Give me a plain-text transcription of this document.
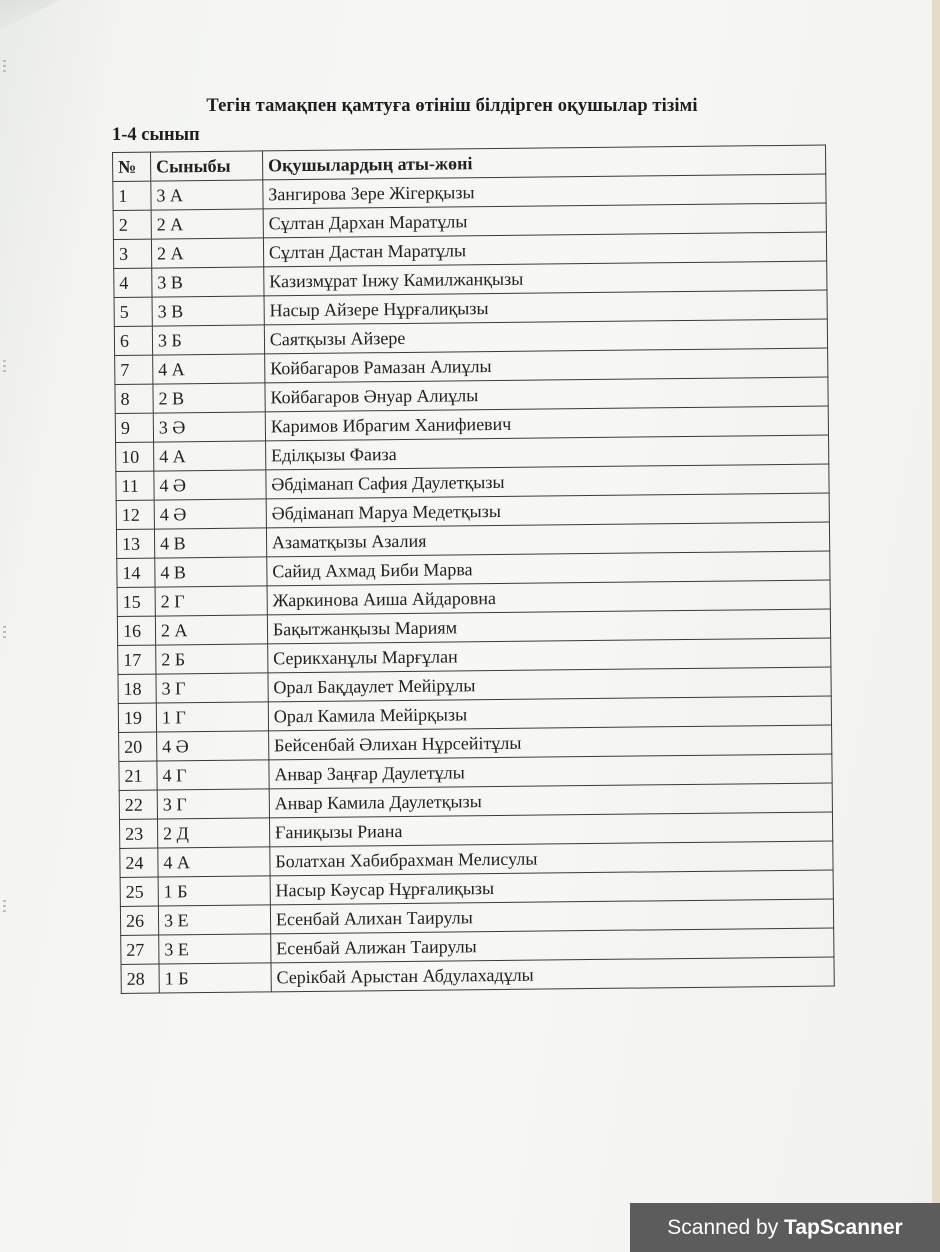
Тегін тамақпен қамтуға өтініш білдірген оқушылар тізімі
1-4 сынып
№	Сыныбы	Оқушылардың аты-жөні
1	3 А	Зангирова Зере Жігерқызы
2	2 А	Сұлтан Дархан Маратұлы
3	2 А	Сұлтан Дастан Маратұлы
4	3 В	Казизмұрат Інжу Камилжанқызы
5	3 В	Насыр Айзере Нұрғалиқызы
6	3 Б	Саятқызы Айзере
7	4 А	Койбагаров Рамазан Алиұлы
8	2 В	Койбагаров Әнуар Алиұлы
9	3 Ә	Каримов Ибрагим Ханифиевич
10	4 А	Еділқызы Фаиза
11	4 Ә	Әбдіманап Сафия Даулетқызы
12	4 Ә	Әбдіманап Маруа Медетқызы
13	4 В	Азаматқызы Азалия
14	4 В	Сайид Ахмад Биби Марва
15	2 Г	Жаркинова Аиша Айдаровна
16	2 А	Бақытжанқызы Мариям
17	2 Б	Серикханұлы Марғұлан
18	3 Г	Орал Бақдаулет Мейірұлы
19	1 Г	Орал Камила Мейірқызы
20	4 Ә	Бейсенбай Әлихан Нұрсейітұлы
21	4 Г	Анвар Заңғар Даулетұлы
22	3 Г	Анвар Камила Даулетқызы
23	2 Д	Ғаниқызы Риана
24	4 А	Болатхан Хабибрахман Мелисулы
25	1 Б	Насыр Кәусар Нұрғалиқызы
26	3 Е	Есенбай Алихан Таирулы
27	3 Е	Есенбай Алижан Таирулы
28	1 Б	Серікбай Арыстан Абдулахадұлы
Scanned by TapScanner
